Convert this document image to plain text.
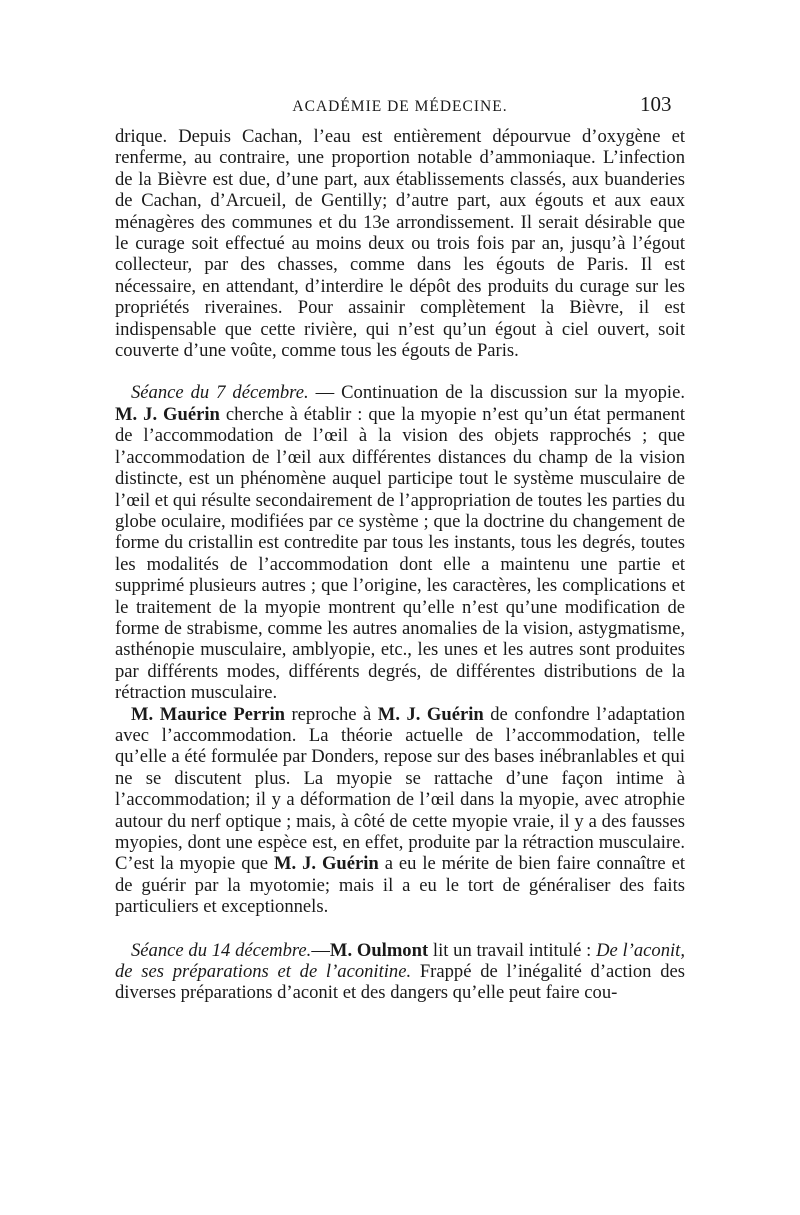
ACADÉMIE DE MÉDECINE.	103

drique. Depuis Cachan, l’eau est entièrement dépourvue d’oxygène et renferme, au contraire, une proportion notable d’ammoniaque. L’infection de la Bièvre est due, d’une part, aux établissements classés, aux buanderies de Cachan, d’Arcueil, de Gentilly; d’autre part, aux égouts et aux eaux ménagères des communes et du 13e arrondissement. Il serait désirable que le curage soit effectué au moins deux ou trois fois par an, jusqu’à l’égout collecteur, par des chasses, comme dans les égouts de Paris. Il est nécessaire, en attendant, d’interdire le dépôt des produits du curage sur les propriétés riveraines. Pour assainir complètement la Bièvre, il est indispensable que cette rivière, qui n’est qu’un égout à ciel ouvert, soit couverte d’une voûte, comme tous les égouts de Paris.

Séance du 7 décembre. — Continuation de la discussion sur la myopie. M. J. Guérin cherche à établir : que la myopie n’est qu’un état permanent de l’accommodation de l’œil à la vision des objets rapprochés ; que l’accommodation de l’œil aux différentes distances du champ de la vision distincte, est un phénomène auquel participe tout le système musculaire de l’œil et qui résulte secondairement de l’appropriation de toutes les parties du globe oculaire, modifiées par ce système ; que la doctrine du changement de forme du cristallin est contredite par tous les instants, tous les degrés, toutes les modalités de l’accommodation dont elle a maintenu une partie et supprimé plusieurs autres ; que l’origine, les caractères, les complications et le traitement de la myopie montrent qu’elle n’est qu’une modification de forme de strabisme, comme les autres anomalies de la vision, astygmatisme, asthénopie musculaire, amblyopie, etc., les unes et les autres sont produites par différents modes, différents degrés, de différentes distributions de la rétraction musculaire.

M. Maurice Perrin reproche à M. J. Guérin de confondre l’adaptation avec l’accommodation. La théorie actuelle de l’accommodation, telle qu’elle a été formulée par Donders, repose sur des bases inébranlables et qui ne se discutent plus. La myopie se rattache d’une façon intime à l’accommodation; il y a déformation de l’œil dans la myopie, avec atrophie autour du nerf optique ; mais, à côté de cette myopie vraie, il y a des fausses myopies, dont une espèce est, en effet, produite par la rétraction musculaire. C’est la myopie que M. J. Guérin a eu le mérite de bien faire connaître et de guérir par la myotomie; mais il a eu le tort de généraliser des faits particuliers et exceptionnels.

Séance du 14 décembre.—M. Oulmont lit un travail intitulé : De l’aconit, de ses préparations et de l’aconitine. Frappé de l’inégalité d’action des diverses préparations d’aconit et des dangers qu’elle peut faire cou-
